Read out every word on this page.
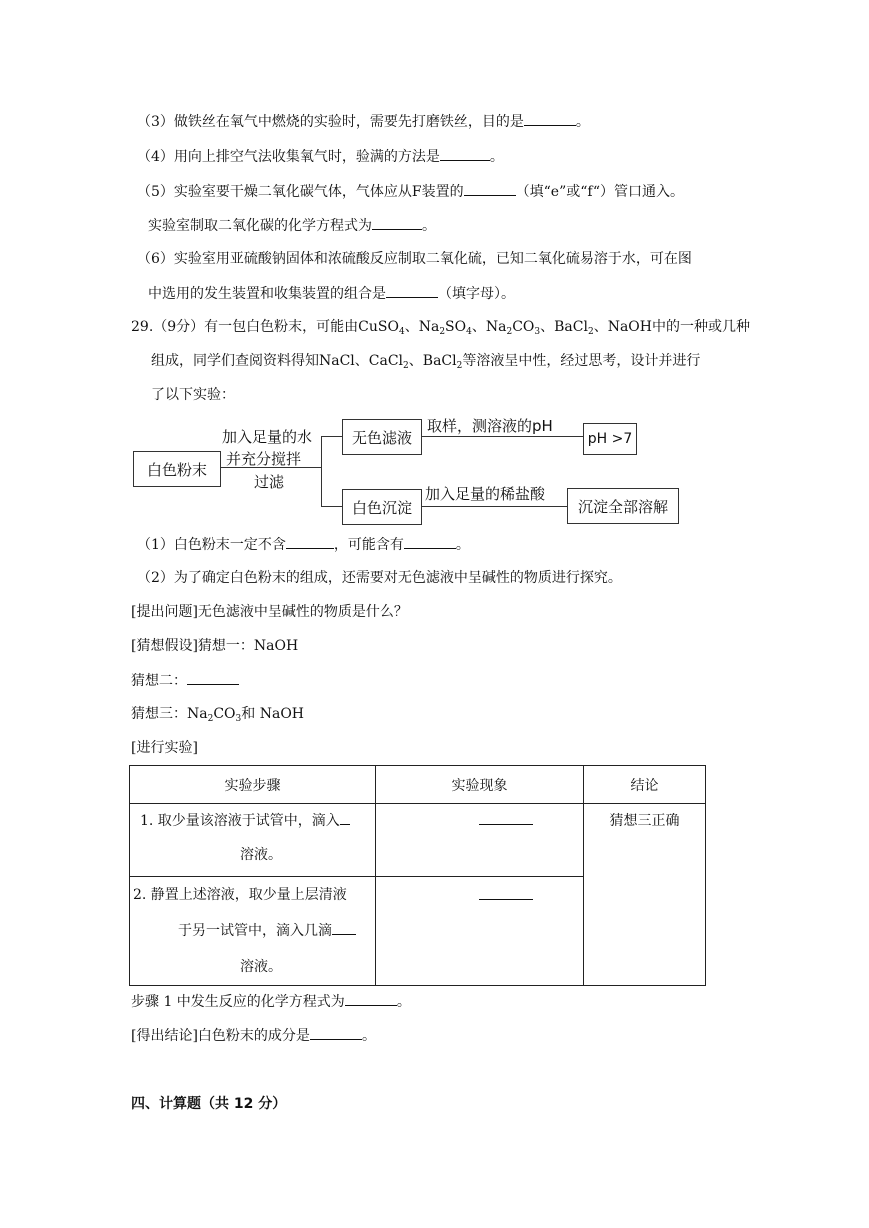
（3）做铁丝在氧气中燃烧的实验时，需要先打磨铁丝，目的是	。
（4）用向上排空气法收集氧气时，验满的方法是	。
（5）实验室要干燥二氧化碳气体，气体应从F装置的	（填“e”或“f“）管口通入。
实验室制取二氧化碳的化学方程式为	。
（6）实验室用亚硫酸钠固体和浓硫酸反应制取二氧化硫，已知二氧化硫易溶于水，可在图
中选用的发生装置和收集装置的组合是	（填字母）。
29.（9分）有一包白色粉末，可能由CuSO$_4$、$Na_2SO_4$、$Na_2CO_3$、BaCl$_2$、NaOH中的一种或几种
组成，同学们查阅资料得知NaCl、CaCl$_2$、BaCl$_2$等溶液呈中性，经过思考，设计并进行
了以下实验：
白色粉末
加入足量的水
并充分搅拌
过滤
无色滤液
取样，测溶液的pH
pH >7
白色沉淀
加入足量的稀盐酸
沉淀全部溶解
（1）白色粉末一定不含	，可能含有	。
（2）为了确定白色粉末的组成，还需要对无色滤液中呈碱性的物质进行探究。
[提出问题]无色滤液中呈碱性的物质是什么？
[猜想假设]猜想一：NaOH
猜想二：
猜想三：$Na_2CO_3$和 NaOH
[进行实验]
实验步骤	实验现象	结论

1. 取少量该溶液于试管中，滴入
溶液。		猜想三正确

2. 静置上述溶液，取少量上层清液
于另一试管中，滴入几滴
溶液。		

步骤 1 中发生反应的化学方程式为	。
[得出结论]白色粉末的成分是	。
四、计算题（共 12 分）
